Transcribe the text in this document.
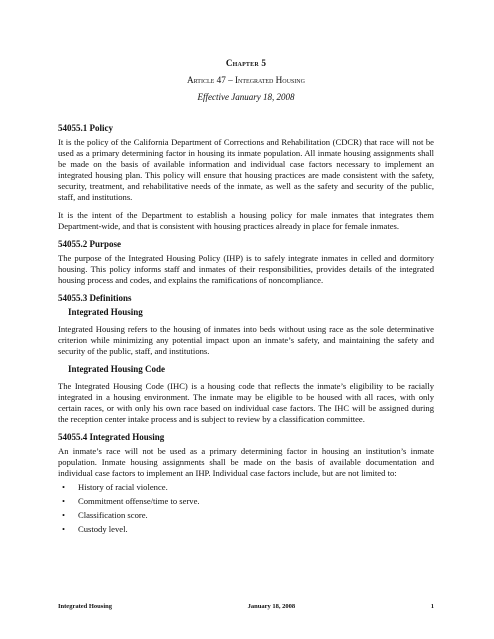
Chapter 5
Article 47 – Integrated Housing
Effective January 18, 2008
54055.1 Policy

It is the policy of the California Department of Corrections and Rehabilitation (CDCR) that race will not be used as a primary determining factor in housing its inmate population. All inmate housing assignments shall be made on the basis of available information and individual case factors necessary to implement an integrated housing plan. This policy will ensure that housing practices are made consistent with the safety, security, treatment, and rehabilitative needs of the inmate, as well as the safety and security of the public, staff, and institutions.

It is the intent of the Department to establish a housing policy for male inmates that integrates them Department-wide, and that is consistent with housing practices already in place for female inmates.

54055.2 Purpose

The purpose of the Integrated Housing Policy (IHP) is to safely integrate inmates in celled and dormitory housing. This policy informs staff and inmates of their responsibilities, provides details of the integrated housing process and codes, and explains the ramifications of noncompliance.

54055.3 Definitions
Integrated Housing

Integrated Housing refers to the housing of inmates into beds without using race as the sole determinative criterion while minimizing any potential impact upon an inmate’s safety, and maintaining the safety and security of the public, staff, and institutions.

Integrated Housing Code

The Integrated Housing Code (IHC) is a housing code that reflects the inmate’s eligibility to be racially integrated in a housing environment. The inmate may be eligible to be housed with all races, with only certain races, or with only his own race based on individual case factors. The IHC will be assigned during the reception center intake process and is subject to review by a classification committee.

54055.4 Integrated Housing

An inmate’s race will not be used as a primary determining factor in housing an institution’s inmate population. Inmate housing assignments shall be made on the basis of available documentation and individual case factors to implement an IHP. Individual case factors include, but are not limited to:

• History of racial violence.
• Commitment offense/time to serve.
• Classification score.
• Custody level.
Integrated Housing	January 18, 2008	1
